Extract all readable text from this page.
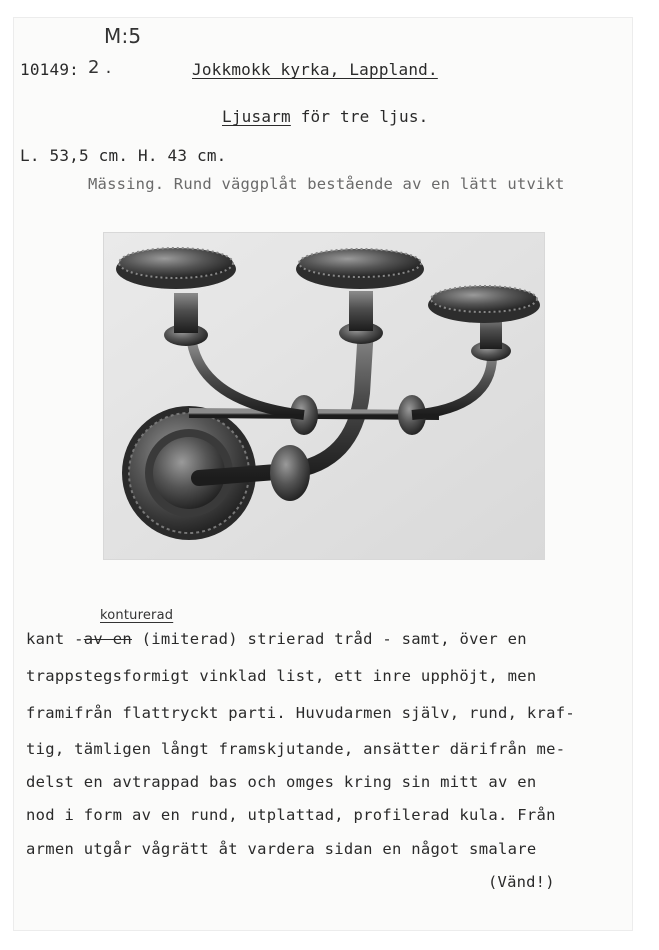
M:5
10149: 2 .	Jokkmokk kyrka, Lappland.
Ljusarm för tre ljus.
L. 53,5 cm. H. 43 cm.
Mässing. Rund väggplåt bestående av en lätt utvikt
konturerad
kant -av en (imiterad) strierad tråd - samt, över en
trappstegsformigt vinklad list, ett inre upphöjt, men
framifrån flattryckt parti. Huvudarmen själv, rund, kraf-
tig, tämligen långt framskjutande, ansätter därifrån me-
delst en avtrappad bas och omges kring sin mitt av en
nod i form av en rund, utplattad, profilerad kula. Från
armen utgår vågrätt åt vardera sidan en något smalare
(Vänd!)
